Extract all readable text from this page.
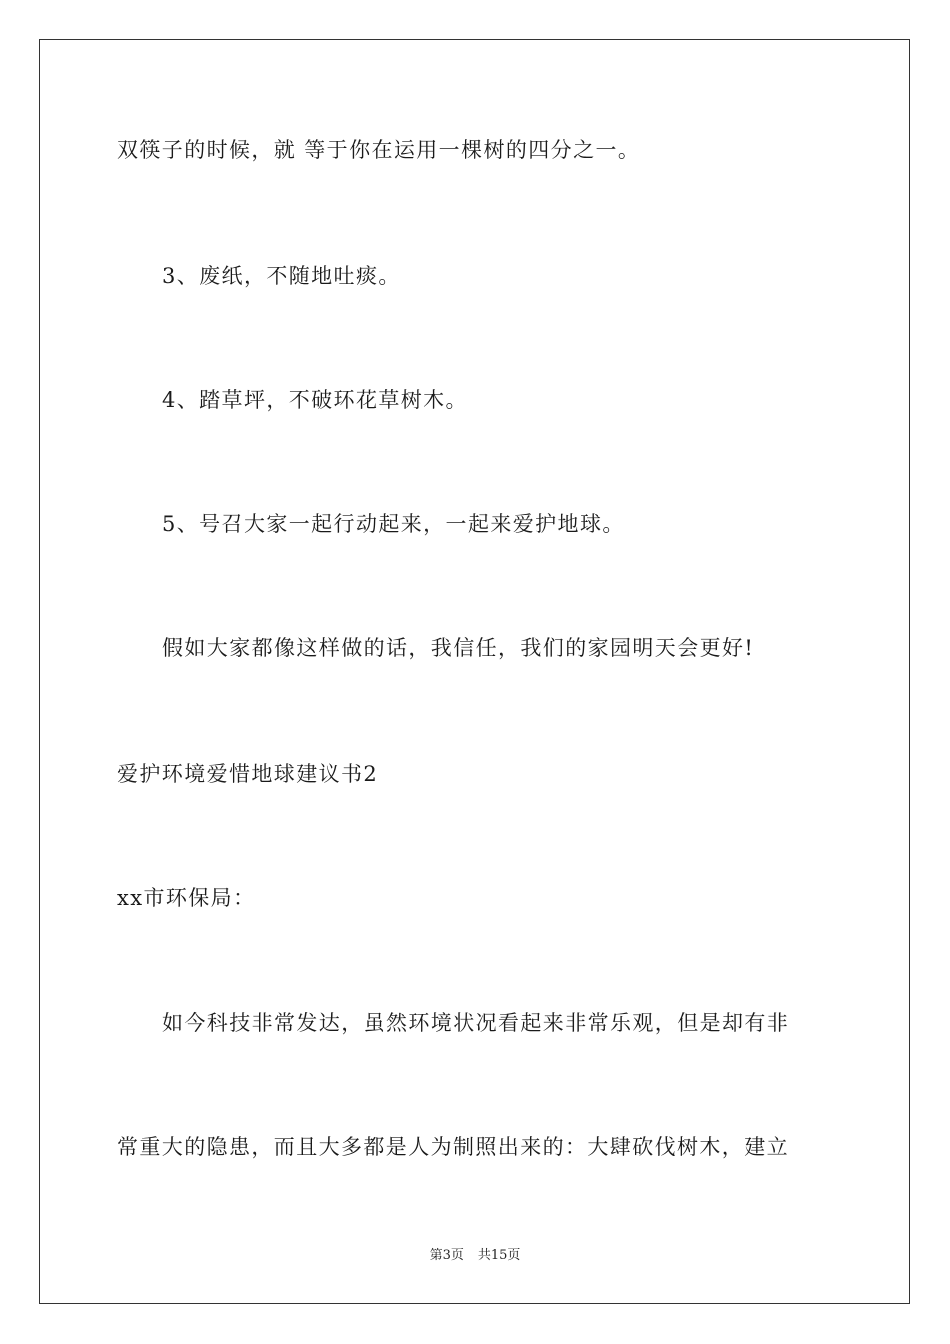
双筷子的时候，就 等于你在运用一棵树的四分之一。
3、废纸，不随地吐痰。
4、踏草坪，不破环花草树木。
5、号召大家一起行动起来，一起来爱护地球。
假如大家都像这样做的话，我信任，我们的家园明天会更好!
爱护环境爱惜地球建议书2
xx市环保局：
如今科技非常发达，虽然环境状况看起来非常乐观，但是却有非
常重大的隐患，而且大多都是人为制照出来的：大肆砍伐树木，建立
第3页 共15页
